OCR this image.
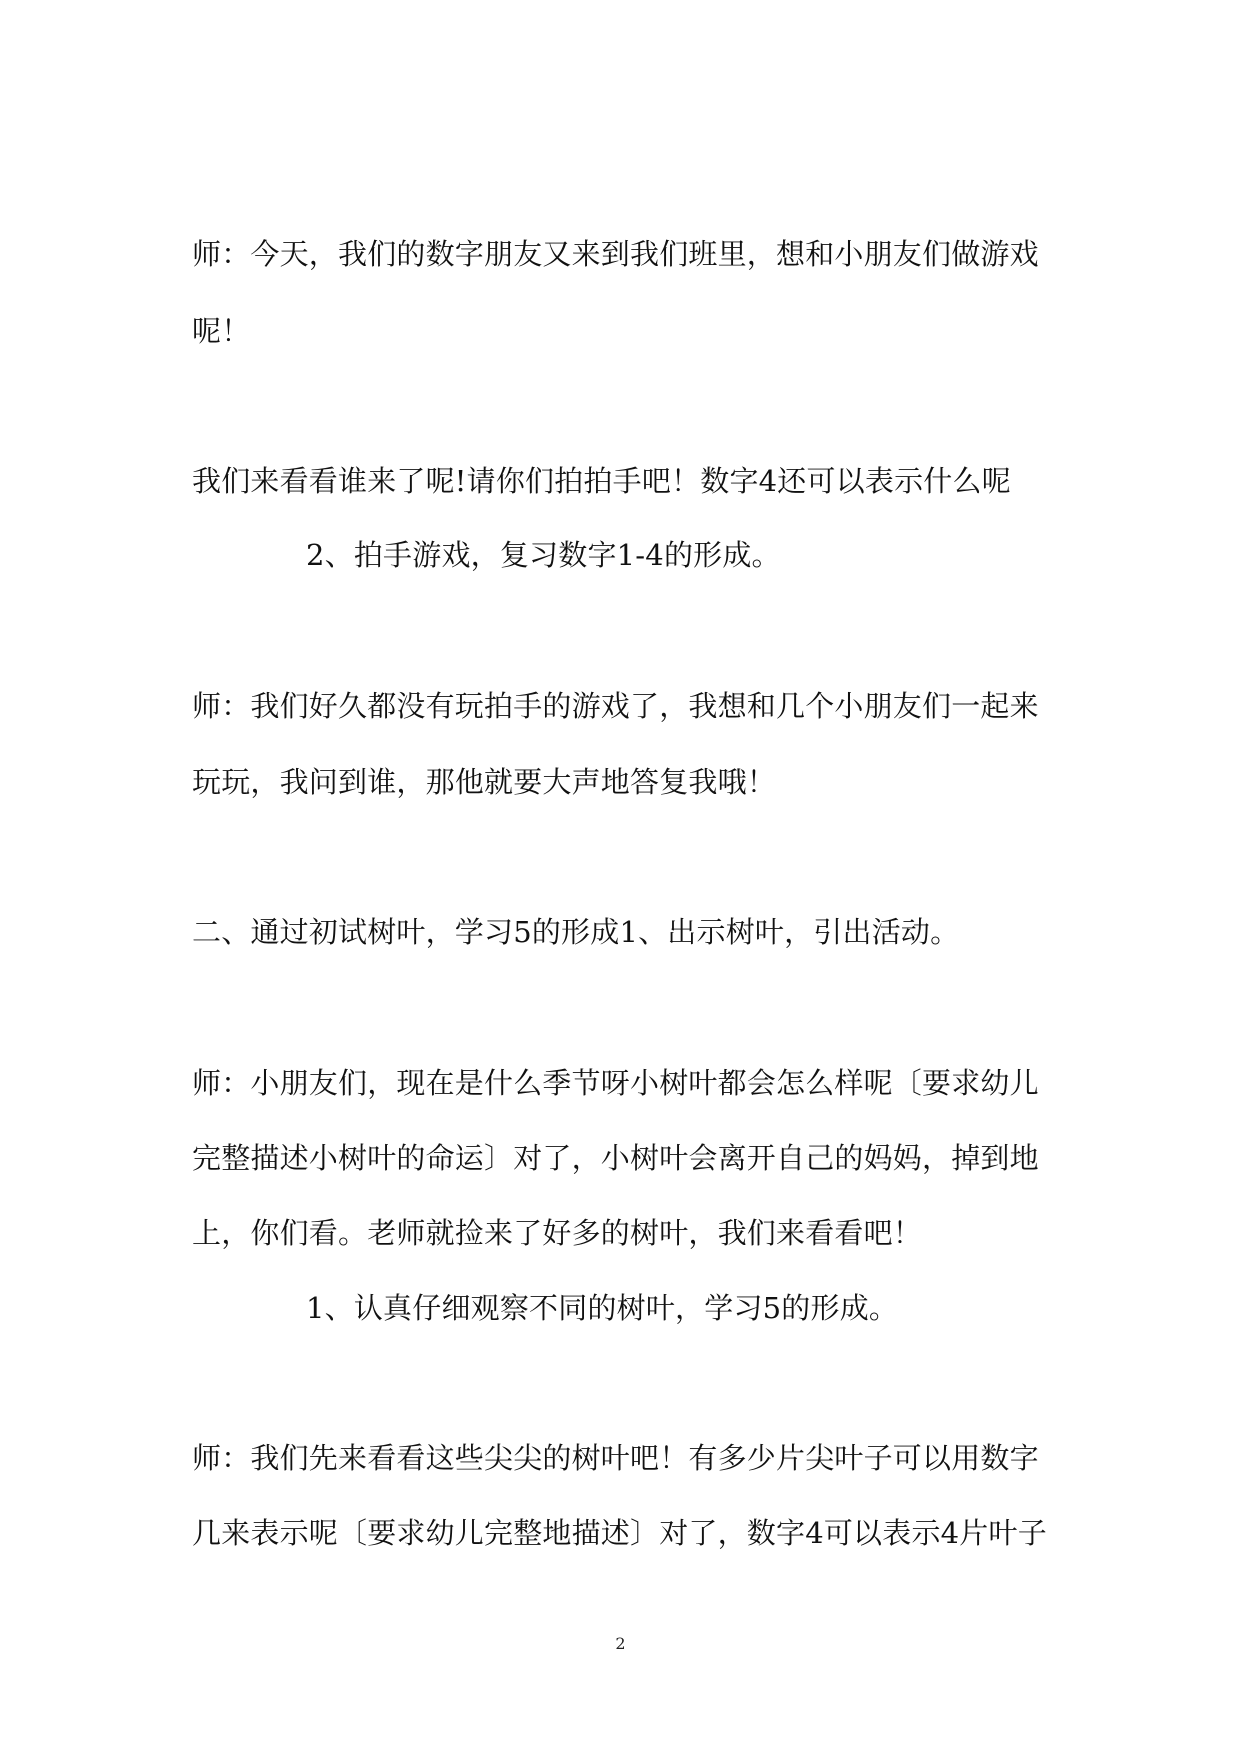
师：今天，我们的数字朋友又来到我们班里，想和小朋友们做游戏
呢！
我们来看看谁来了呢!请你们拍拍手吧！数字4还可以表示什么呢
2、拍手游戏，复习数字1-4的形成。
师：我们好久都没有玩拍手的游戏了，我想和几个小朋友们一起来
玩玩，我问到谁，那他就要大声地答复我哦！
二、通过初试树叶，学习5的形成1、出示树叶，引出活动。
师：小朋友们，现在是什么季节呀小树叶都会怎么样呢〔要求幼儿
完整描述小树叶的命运〕对了，小树叶会离开自己的妈妈，掉到地
上，你们看。老师就捡来了好多的树叶，我们来看看吧！
1、认真仔细观察不同的树叶，学习5的形成。
师：我们先来看看这些尖尖的树叶吧！有多少片尖叶子可以用数字
几来表示呢〔要求幼儿完整地描述〕对了，数字4可以表示4片叶子
2
